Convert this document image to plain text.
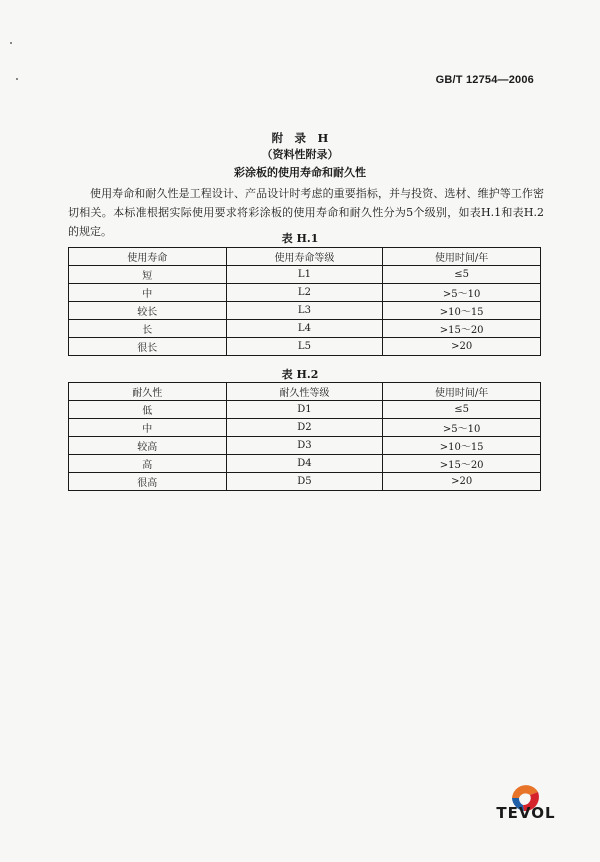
GB/T 12754—2006
附　录　H
（资料性附录）
彩涂板的使用寿命和耐久性

使用寿命和耐久性是工程设计、产品设计时考虑的重要指标，并与投资、选材、维护等工作密切相关。本标准根据实际使用要求将彩涂板的使用寿命和耐久性分为5个级别，如表H.1和表H.2的规定。

表 H.1
使用寿命	使用寿命等级	使用时间/年
短	L1	≤5
中	L2	>5～10
较长	L3	>10～15
长	L4	>15～20
很长	L5	>20
表 H.2
耐久性	耐久性等级	使用时间/年
低	D1	≤5
中	D2	>5～10
较高	D3	>10～15
高	D4	>15～20
很高	D5	>20
TEVOL
